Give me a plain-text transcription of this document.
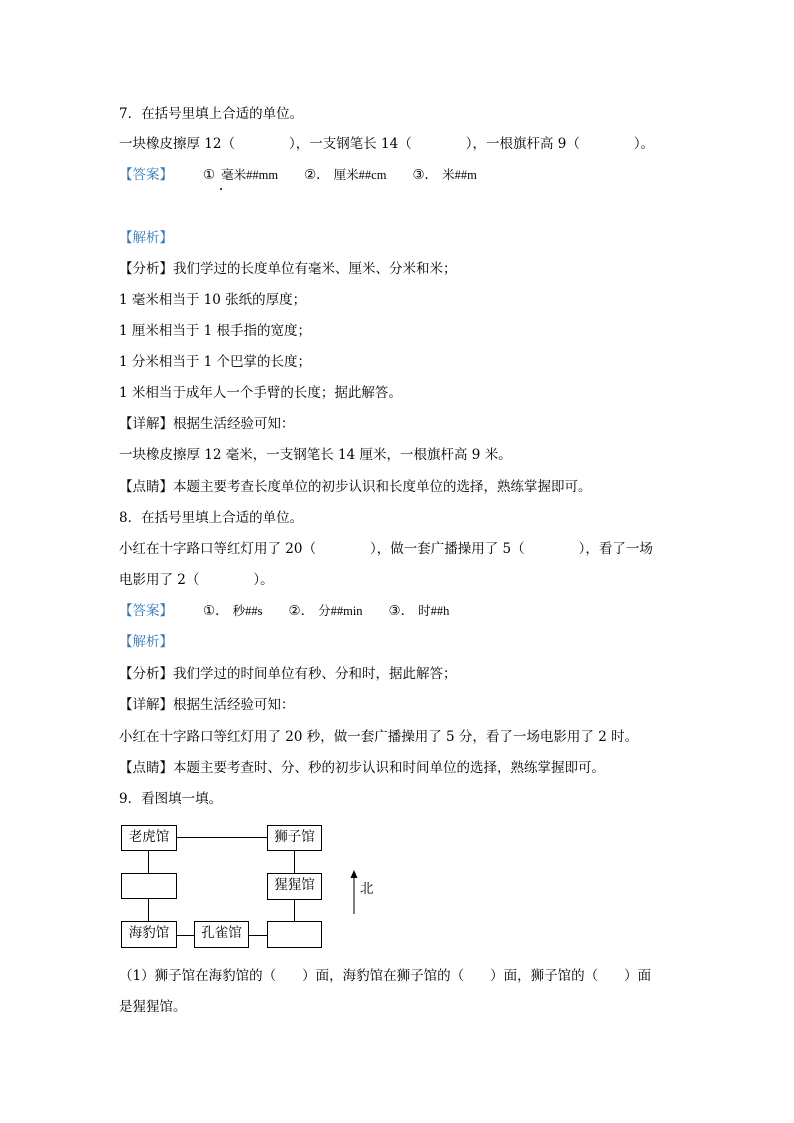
7．在括号里填上合适的单位。
一块橡皮擦厚 12（	），一支钢笔长 14（	），一根旗杆高 9（	）。
【答案】 ① 毫米##mm ②． 厘米##cm ③． 米##m
【解析】
【分析】我们学过的长度单位有毫米、厘米、分米和米；
1 毫米相当于 10 张纸的厚度；
1 厘米相当于 1 根手指的宽度；
1 分米相当于 1 个巴掌的长度；
1 米相当于成年人一个手臂的长度；据此解答。
【详解】根据生活经验可知：
一块橡皮擦厚 12 毫米，一支钢笔长 14 厘米，一根旗杆高 9 米。
【点睛】本题主要考查长度单位的初步认识和长度单位的选择，熟练掌握即可。
8．在括号里填上合适的单位。
小红在十字路口等红灯用了 20（	），做一套广播操用了 5（	），看了一场
电影用了 2（	）。
【答案】 ①． 秒##s ②． 分##min ③． 时##h
【解析】
【分析】我们学过的时间单位有秒、分和时，据此解答；
【详解】根据生活经验可知：
小红在十字路口等红灯用了 20 秒，做一套广播操用了 5 分，看了一场电影用了 2 时。
【点睛】本题主要考查时、分、秒的初步认识和时间单位的选择，熟练掌握即可。
9．看图填一填。
老虎馆	狮子馆
猩猩馆
海豹馆	孔雀馆
北
（1）狮子馆在海豹馆的（ ）面，海豹馆在狮子馆的（ ）面，狮子馆的（ ）面
是猩猩馆。
